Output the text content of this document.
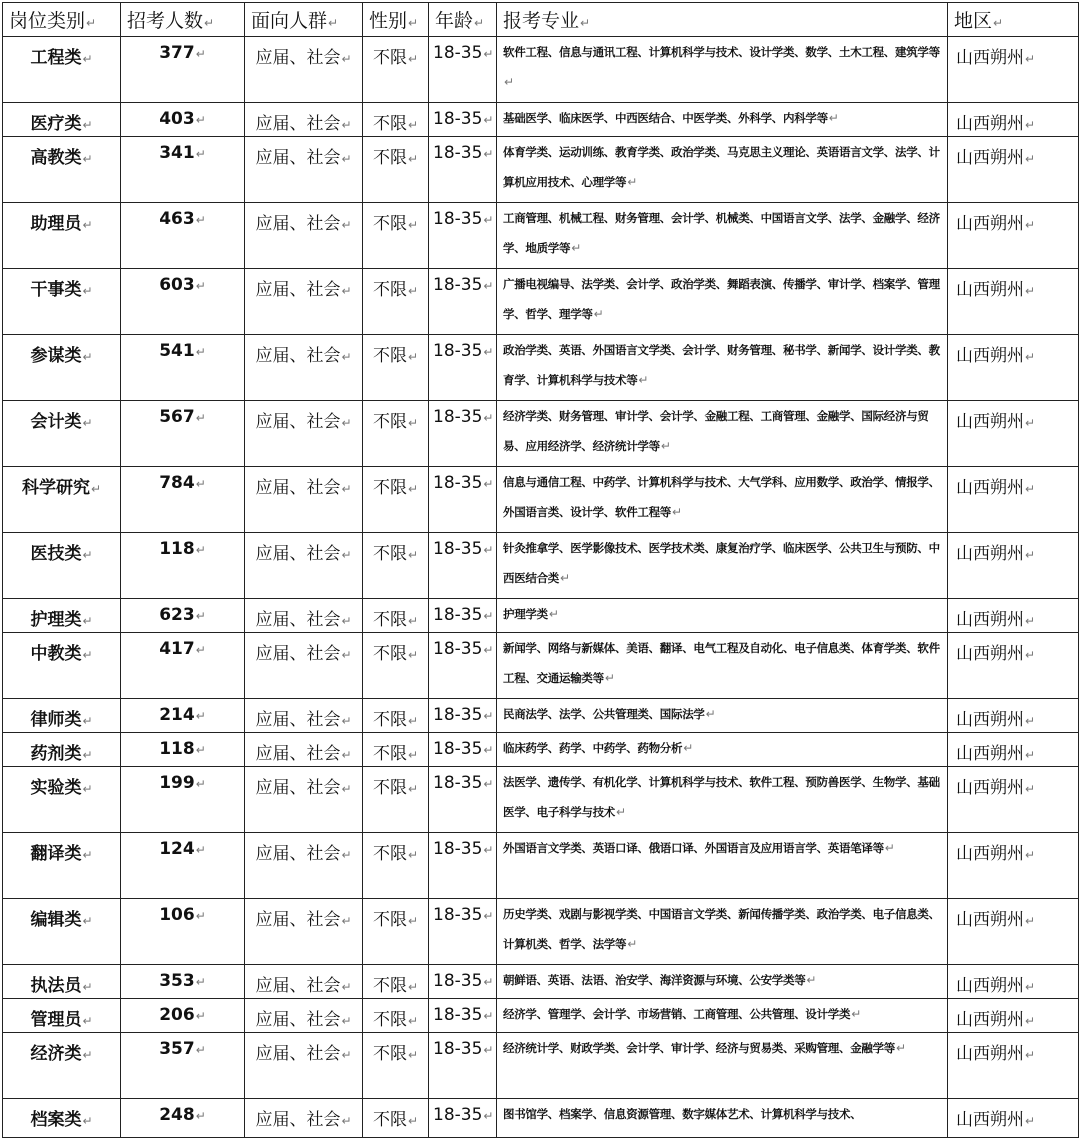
岗位类别↵	招考人数↵	面向人群↵	性别↵	年龄↵	报考专业↵	地区↵
工程类↵	377↵	应届、社会↵	不限↵	18-35↵	软件工程、信息与通讯工程、计算机科学与技术、设计学类、数学、土木工程、建筑学等↵	山西朔州↵
医疗类↵	403↵	应届、社会↵	不限↵	18-35↵	基础医学、临床医学、中西医结合、中医学类、外科学、内科学等↵	山西朔州↵
高教类↵	341↵	应届、社会↵	不限↵	18-35↵	体育学类、运动训练、教育学类、政治学类、马克思主义理论、英语语言文学、法学、计算机应用技术、心理学等↵	山西朔州↵
助理员↵	463↵	应届、社会↵	不限↵	18-35↵	工商管理、机械工程、财务管理、会计学、机械类、中国语言文学、法学、金融学、经济学、地质学等↵	山西朔州↵
干事类↵	603↵	应届、社会↵	不限↵	18-35↵	广播电视编导、法学类、会计学、政治学类、舞蹈表演、传播学、审计学、档案学、管理学、哲学、理学等↵	山西朔州↵
参谋类↵	541↵	应届、社会↵	不限↵	18-35↵	政治学类、英语、外国语言文学类、会计学、财务管理、秘书学、新闻学、设计学类、教育学、计算机科学与技术等↵	山西朔州↵
会计类↵	567↵	应届、社会↵	不限↵	18-35↵	经济学类、财务管理、审计学、会计学、金融工程、工商管理、金融学、国际经济与贸易、应用经济学、经济统计学等↵	山西朔州↵
科学研究↵	784↵	应届、社会↵	不限↵	18-35↵	信息与通信工程、中药学、计算机科学与技术、大气学科、应用数学、政治学、情报学、外国语言类、设计学、软件工程等↵	山西朔州↵
医技类↵	118↵	应届、社会↵	不限↵	18-35↵	针灸推拿学、医学影像技术、医学技术类、康复治疗学、临床医学、公共卫生与预防、中西医结合类↵	山西朔州↵
护理类↵	623↵	应届、社会↵	不限↵	18-35↵	护理学类↵	山西朔州↵
中教类↵	417↵	应届、社会↵	不限↵	18-35↵	新闻学、网络与新媒体、美语、翻译、电气工程及自动化、电子信息类、体育学类、软件工程、交通运输类等↵	山西朔州↵
律师类↵	214↵	应届、社会↵	不限↵	18-35↵	民商法学、法学、公共管理类、国际法学↵	山西朔州↵
药剂类↵	118↵	应届、社会↵	不限↵	18-35↵	临床药学、药学、中药学、药物分析↵	山西朔州↵
实验类↵	199↵	应届、社会↵	不限↵	18-35↵	法医学、遗传学、有机化学、计算机科学与技术、软件工程、预防兽医学、生物学、基础医学、电子科学与技术↵	山西朔州↵
翻译类↵	124↵	应届、社会↵	不限↵	18-35↵	外国语言文学类、英语口译、俄语口译、外国语言及应用语言学、英语笔译等↵	山西朔州↵
编辑类↵	106↵	应届、社会↵	不限↵	18-35↵	历史学类、戏剧与影视学类、中国语言文学类、新闻传播学类、政治学类、电子信息类、计算机类、哲学、法学等↵	山西朔州↵
执法员↵	353↵	应届、社会↵	不限↵	18-35↵	朝鲜语、英语、法语、治安学、海洋资源与环境、公安学类等↵	山西朔州↵
管理员↵	206↵	应届、社会↵	不限↵	18-35↵	经济学、管理学、会计学、市场营销、工商管理、公共管理、设计学类↵	山西朔州↵
经济类↵	357↵	应届、社会↵	不限↵	18-35↵	经济统计学、财政学类、会计学、审计学、经济与贸易类、采购管理、金融学等↵	山西朔州↵
档案类↵	248↵	应届、社会↵	不限↵	18-35↵	图书馆学、档案学、信息资源管理、数字媒体艺术、计算机科学与技术、	山西朔州↵
